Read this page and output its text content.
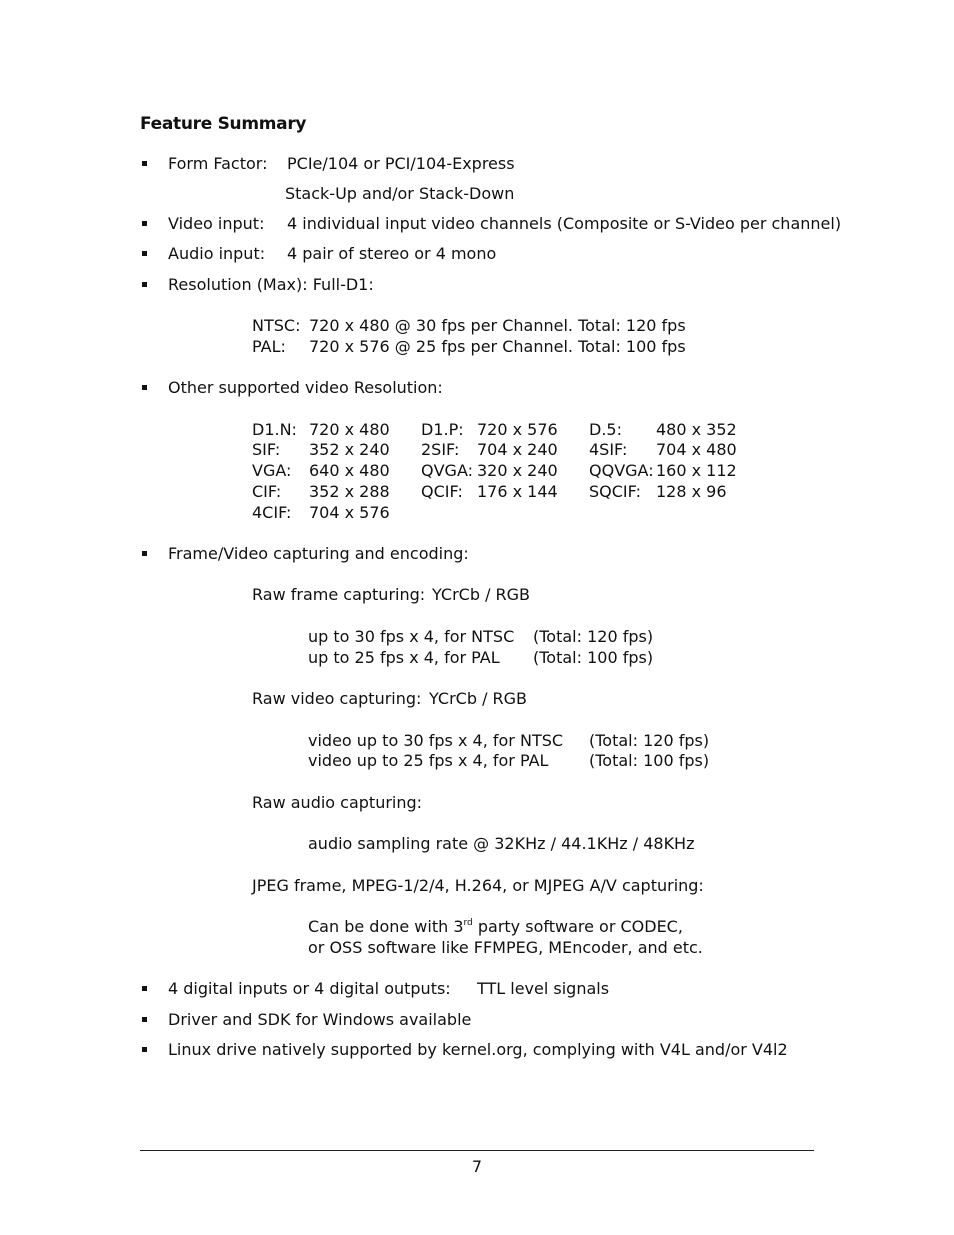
Feature Summary
Form Factor: PCIe/104 or PCI/104-Express
Stack-Up and/or Stack-Down
Video input: 4 individual input video channels (Composite or S-Video per channel)
Audio input: 4 pair of stereo or 4 mono
Resolution (Max): Full-D1:
NTSC: 720 x 480 @ 30 fps per Channel. Total: 120 fps
PAL: 720 x 576 @ 25 fps per Channel. Total: 100 fps
Other supported video Resolution:
D1.N: 720 x 480 D1.P: 720 x 576 D.5: 480 x 352
SIF: 352 x 240 2SIF: 704 x 240 4SIF: 704 x 480
VGA: 640 x 480 QVGA: 320 x 240 QQVGA: 160 x 112
CIF: 352 x 288 QCIF: 176 x 144 SQCIF: 128 x 96
4CIF: 704 x 576
Frame/Video capturing and encoding:
Raw frame capturing: YCrCb / RGB
up to 30 fps x 4, for NTSC (Total: 120 fps)
up to 25 fps x 4, for PAL (Total: 100 fps)
Raw video capturing: YCrCb / RGB
video up to 30 fps x 4, for NTSC (Total: 120 fps)
video up to 25 fps x 4, for PAL	(Total: 100 fps)
Raw audio capturing:
audio sampling rate @ 32KHz / 44.1KHz / 48KHz
JPEG frame, MPEG-1/2/4, H.264, or MJPEG A/V capturing:
Can be done with 3rd party software or CODEC,
or OSS software like FFMPEG, MEncoder, and etc.
4 digital inputs or 4 digital outputs: TTL level signals
Driver and SDK for Windows available
Linux drive natively supported by kernel.org, complying with V4L and/or V4l2
7
